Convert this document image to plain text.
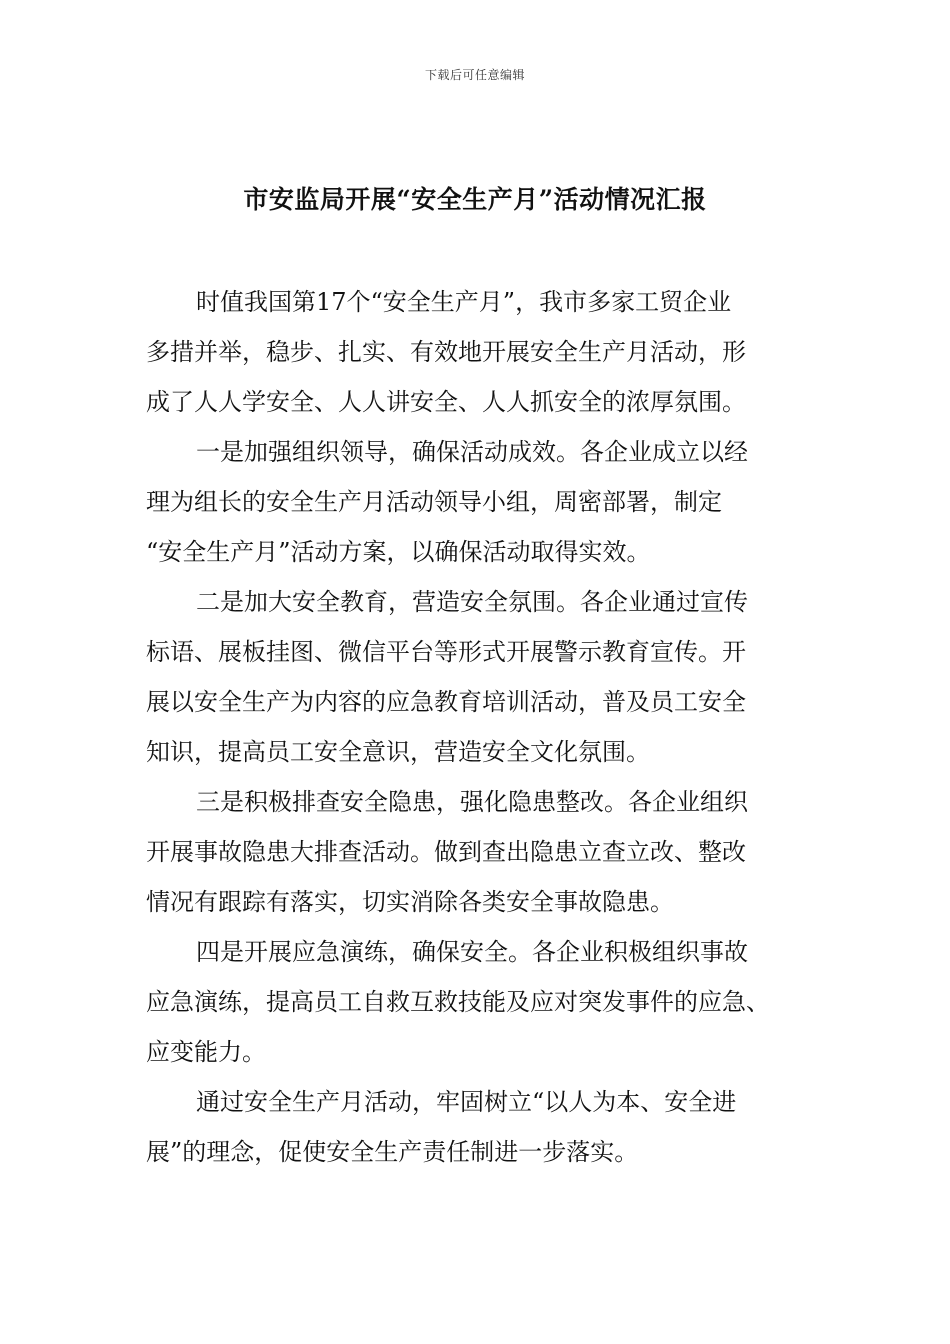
下载后可任意编辑
市安监局开展“安全生产月”活动情况汇报

时值我国第17个“安全生产月”，我市多家工贸企业
多措并举，稳步、扎实、有效地开展安全生产月活动，形
成了人人学安全、人人讲安全、人人抓安全的浓厚氛围。

一是加强组织领导，确保活动成效。各企业成立以经
理为组长的安全生产月活动领导小组，周密部署，制定
“安全生产月”活动方案，以确保活动取得实效。

二是加大安全教育，营造安全氛围。各企业通过宣传
标语、展板挂图、微信平台等形式开展警示教育宣传。开
展以安全生产为内容的应急教育培训活动，普及员工安全
知识，提高员工安全意识，营造安全文化氛围。

三是积极排查安全隐患，强化隐患整改。各企业组织
开展事故隐患大排查活动。做到查出隐患立查立改、整改
情况有跟踪有落实，切实消除各类安全事故隐患。

四是开展应急演练，确保安全。各企业积极组织事故
应急演练，提高员工自救互救技能及应对突发事件的应急、
应变能力。

通过安全生产月活动，牢固树立“以人为本、安全进
展”的理念，促使安全生产责任制进一步落实。
